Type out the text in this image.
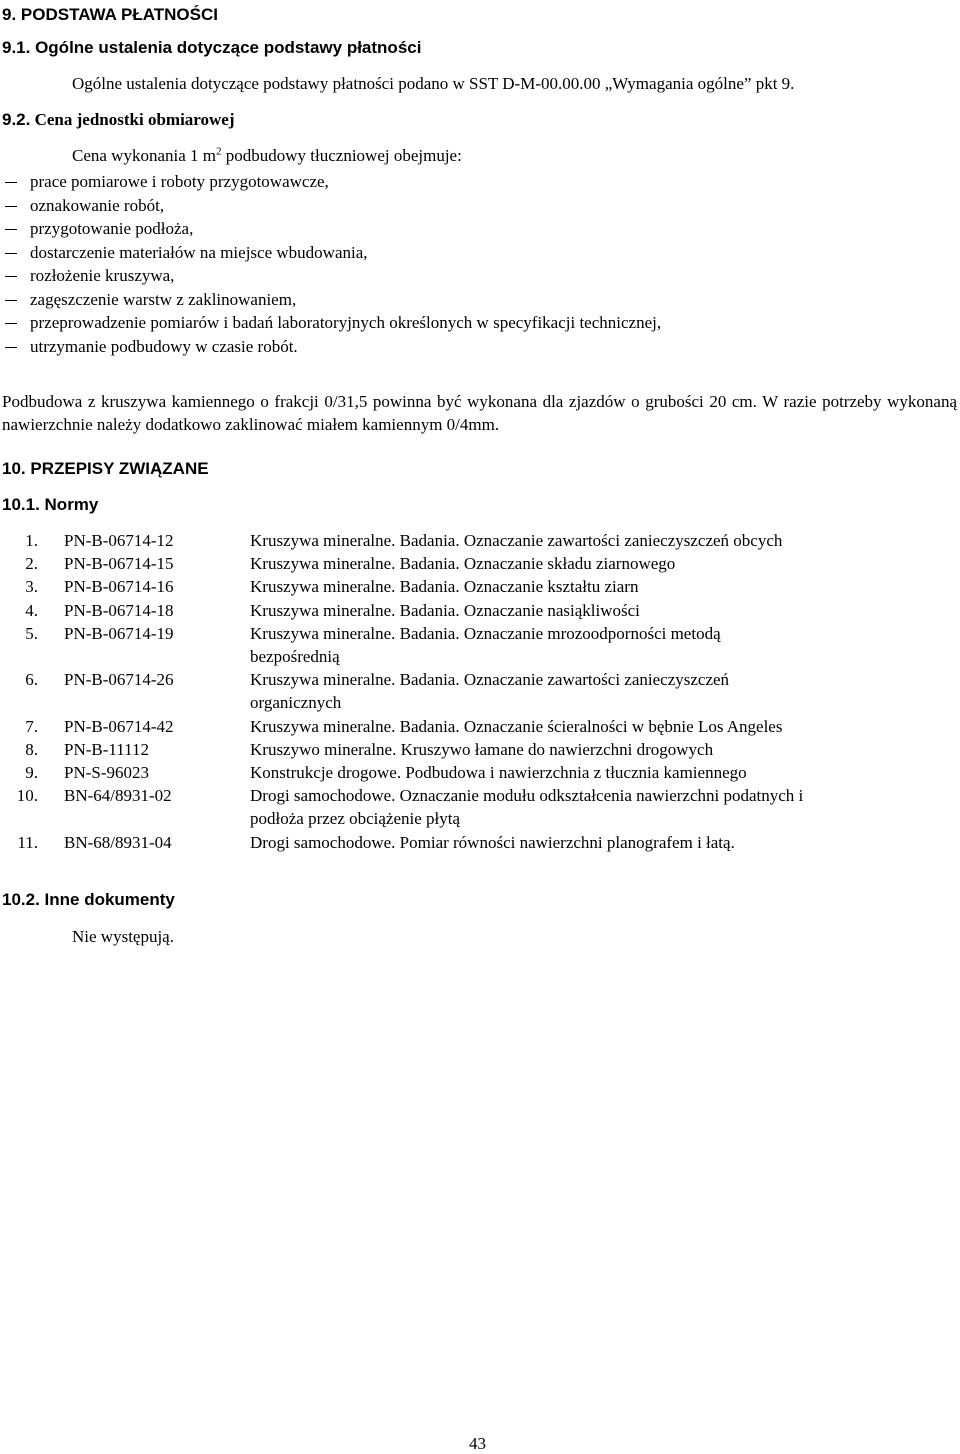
9. PODSTAWA PŁATNOŚCI
9.1. Ogólne ustalenia dotyczące podstawy płatności
Ogólne ustalenia dotyczące podstawy płatności podano w SST D-M-00.00.00 „Wymagania ogólne” pkt 9.
9.2. Cena jednostki obmiarowej
Cena wykonania 1 $m^2$ podbudowy tłuczniowej obejmuje:
prace pomiarowe i roboty przygotowawcze,
oznakowanie robót,
przygotowanie podłoża,
dostarczenie materiałów na miejsce wbudowania,
rozłożenie kruszywa,
zagęszczenie warstw z zaklinowaniem,
przeprowadzenie pomiarów i badań laboratoryjnych określonych w specyfikacji technicznej,
utrzymanie podbudowy w czasie robót.
Podbudowa z kruszywa kamiennego o frakcji 0/31,5 powinna być wykonana dla zjazdów o grubości 20 cm. W razie potrzeby wykonaną nawierzchnie należy dodatkowo zaklinować miałem kamiennym 0/4mm.
10. PRZEPISY ZWIĄZANE
10.1. Normy
1. PN-B-06714-12	Kruszywa mineralne. Badania. Oznaczanie zawartości zanieczyszczeń obcych
2. PN-B-06714-15	Kruszywa mineralne. Badania. Oznaczanie składu ziarnowego
3. PN-B-06714-16	Kruszywa mineralne. Badania. Oznaczanie kształtu ziarn
4. PN-B-06714-18	Kruszywa mineralne. Badania. Oznaczanie nasiąkliwości
5. PN-B-06714-19	Kruszywa mineralne. Badania. Oznaczanie mrozoodporności metodą
bezpośrednią
6. PN-B-06714-26	Kruszywa mineralne. Badania. Oznaczanie zawartości zanieczyszczeń
organicznych
7. PN-B-06714-42	Kruszywa mineralne. Badania. Oznaczanie ścieralności w bębnie Los Angeles
8. PN-B-11112	Kruszywo mineralne. Kruszywo łamane do nawierzchni drogowych
9. PN-S-96023	Konstrukcje drogowe. Podbudowa i nawierzchnia z tłucznia kamiennego
10. BN-64/8931-02	Drogi samochodowe. Oznaczanie modułu odkształcenia nawierzchni podatnych i
podłoża przez obciążenie płytą
11. BN-68/8931-04	Drogi samochodowe. Pomiar równości nawierzchni planografem i łatą.
10.2. Inne dokumenty
Nie występują.
43
